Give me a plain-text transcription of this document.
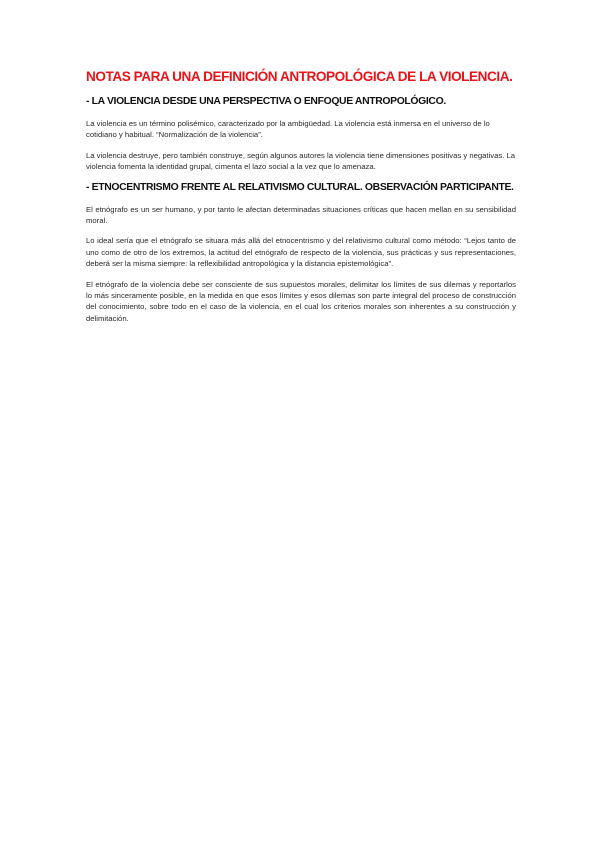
NOTAS PARA UNA DEFINICIÓN ANTROPOLÓGICA DE LA VIOLENCIA.
- LA VIOLENCIA DESDE UNA PERSPECTIVA O ENFOQUE ANTROPOLÓGICO.

La violencia es un término polisémico, caracterizado por la ambigüedad. La violencia está inmersa en el universo de lo cotidiano y habitual. “Normalización de la violencia”.

La violencia destruye, pero también construye, según algunos autores la violencia tiene dimensiones positivas y negativas. La violencia fomenta la identidad grupal, cimenta el lazo social a la vez que lo amenaza.

- ETNOCENTRISMO FRENTE AL RELATIVISMO CULTURAL. OBSERVACIÓN PARTICIPANTE.

El etnógrafo es un ser humano, y por tanto le afectan determinadas situaciones críticas que hacen mellan en su sensibilidad moral.

Lo ideal sería que el etnógrafo se situara más allá del etnocentrismo y del relativismo cultural como método: “Lejos tanto de uno como de otro de los extremos, la actitud del etnógrafo de respecto de la violencia, sus prácticas y sus representaciones, deberá ser la misma siempre: la reflexibilidad antropológica y la distancia epistemológica”.

El etnógrafo de la violencia debe ser consciente de sus supuestos morales, delimitar los límites de sus dilemas y reportarlos lo más sinceramente posible, en la medida en que esos límites y esos dilemas son parte integral del proceso de construcción del conocimiento, sobre todo en el caso de la violencia, en el cual los criterios morales son inherentes a su construcción y delimitación.
